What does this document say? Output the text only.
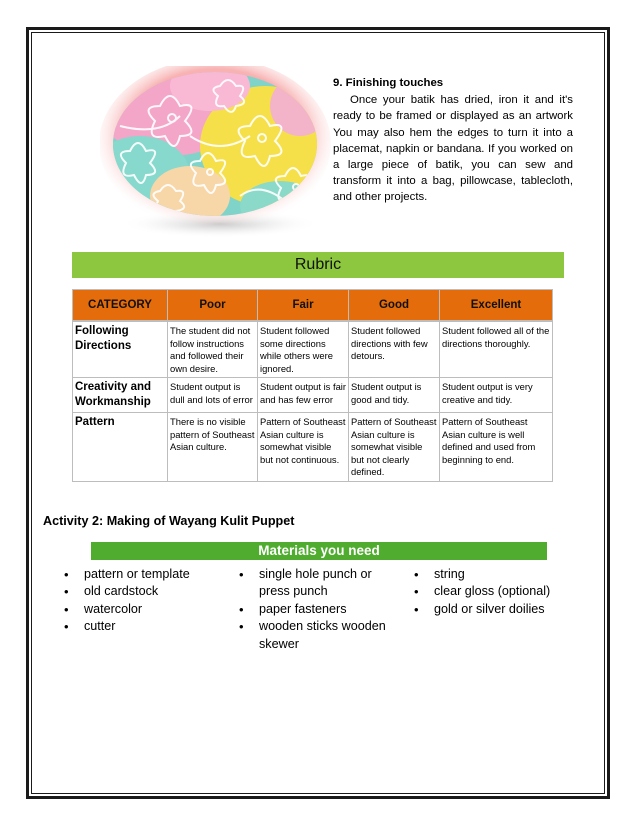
9. Finishing touches

Once your batik has dried, iron it and it's ready to be framed or displayed as an artwork You may also hem the edges to turn it into a placemat, napkin or bandana. If you worked on a large piece of batik, you can sew and transform it into a bag, pillowcase, tablecloth, and other projects.

Rubric
CATEGORY	Poor	Fair	Good	Excellent

Following Directions	The student did not follow instructions and followed their own desire.	Student followed some directions while others were ignored.	Student followed directions with few detours.	Student followed all of the directions thoroughly.
Creativity and Workmanship	Student output is dull and lots of error	Student output is fair and has few error	Student output is good and tidy.	Student output is very creative and tidy.
Pattern	There is no visible pattern of Southeast Asian culture.	Pattern of Southeast Asian culture is somewhat visible but not continuous.	Pattern of Southeast Asian culture is somewhat visible but not clearly defined.	Pattern of Southeast Asian culture is well defined and used from beginning to end.

Activity 2: Making of Wayang Kulit Puppet

Materials you need
• pattern or template
• old cardstock
• watercolor
• cutter
• single hole punch or press punch
• paper fasteners
• wooden sticks wooden skewer
• string
• clear gloss (optional)
• gold or silver doilies
